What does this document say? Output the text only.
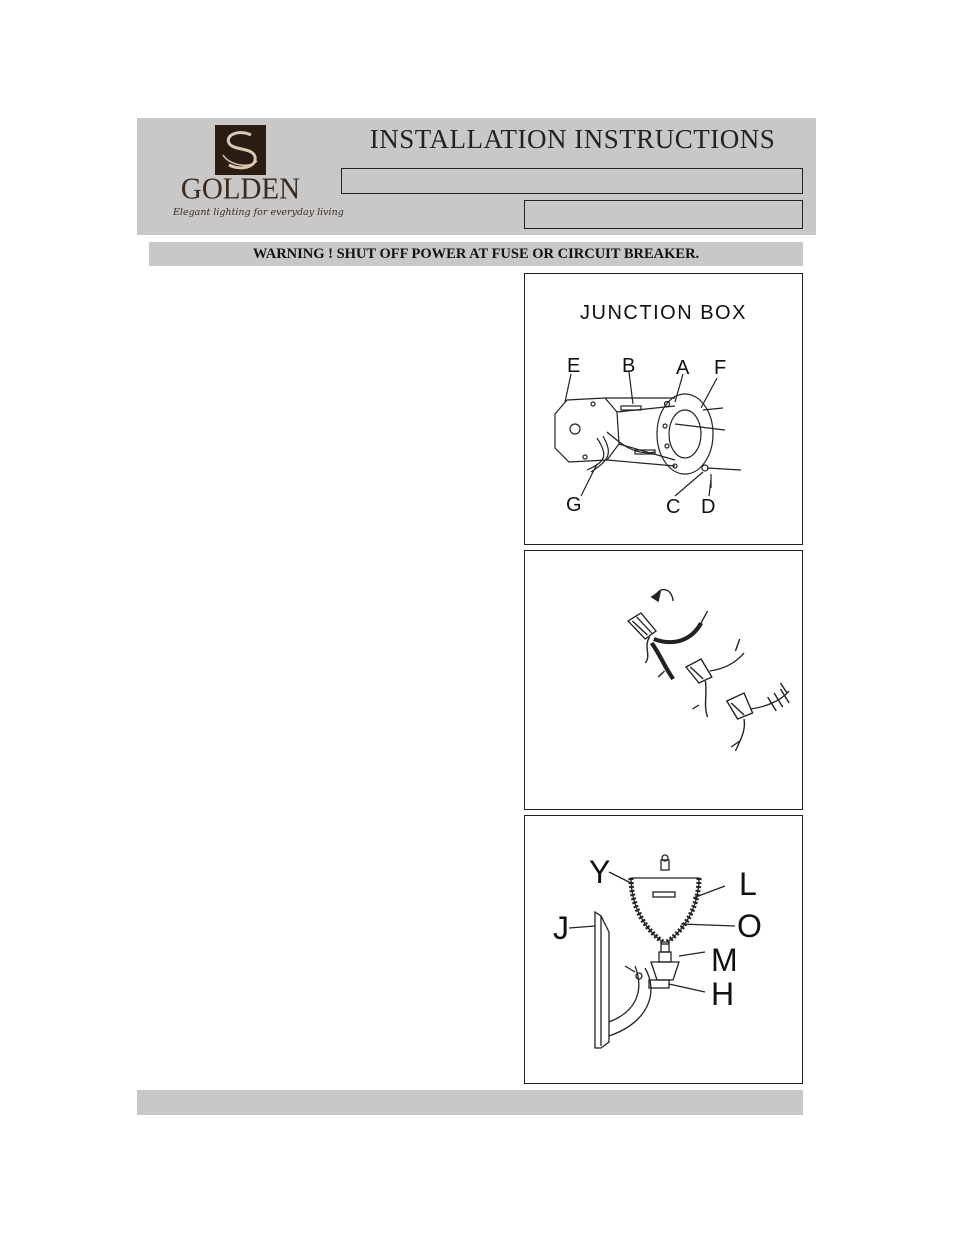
GOLDEN
Elegant lighting for everyday living
INSTALLATION INSTRUCTIONS
WARNING ! SHUT OFF POWER AT FUSE OR CIRCUIT BREAKER.
JUNCTION BOX
E B A F
G	C D
Y	L
J	O
M
H
